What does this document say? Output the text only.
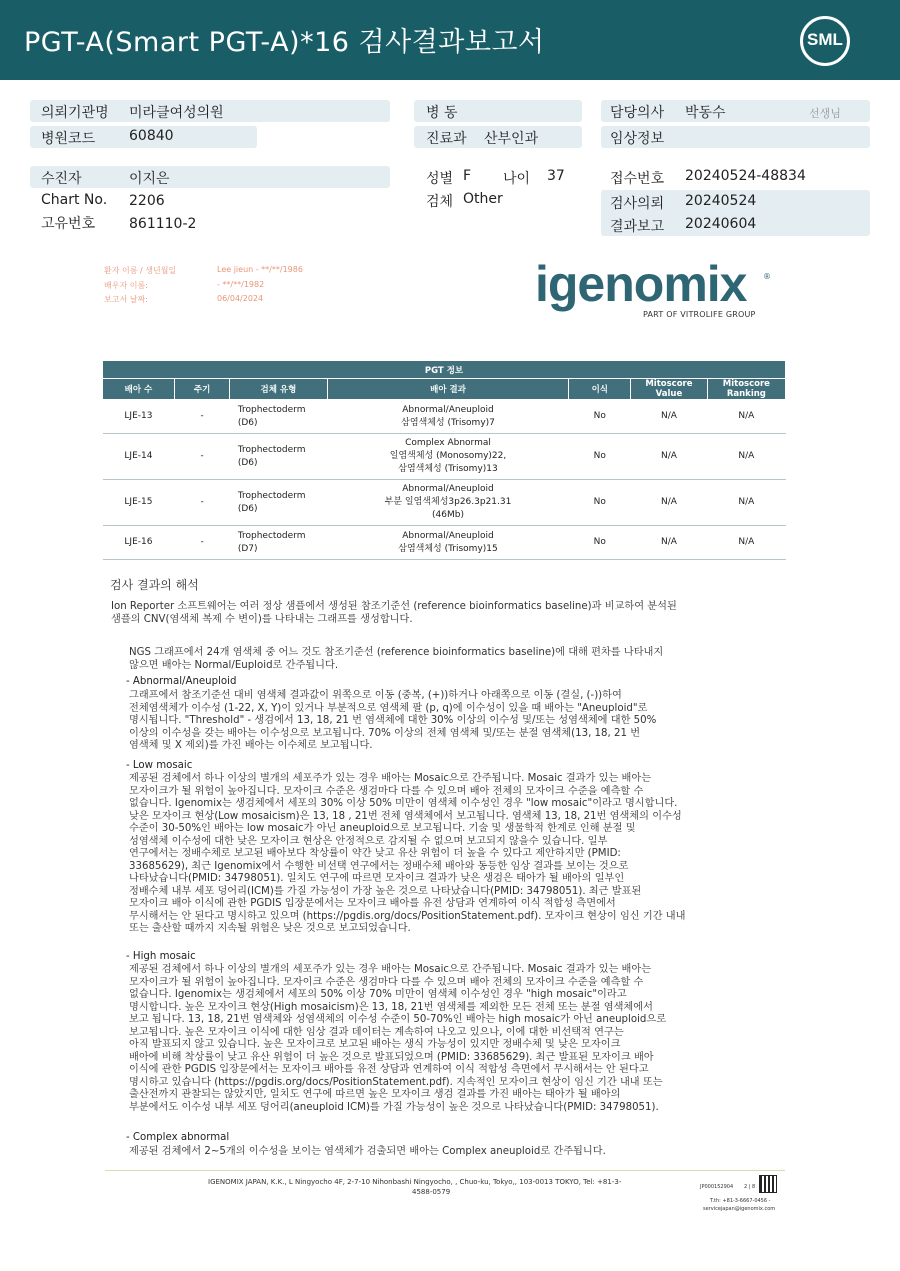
PGT-A(Smart PGT-A)*16 검사결과보고서	SML
의뢰기관명 미라클여성의원
병원코드 60840
병 동
진료과 산부인과
담당의사 박동수	선생님
임상정보
수진자	이지은
Chart No. 2206
고유번호 861110-2
성별 F 나이 37
검체 Other
접수번호 20240524-48834
검사의뢰 20240524
결과보고 20240604
환자 이름 / 생년월일	Lee jieun - **/**/1986
배우자 이름:	- **/**/1982
보고서 날짜:	06/04/2024	igenomix	®
PART OF VITROLIFE GROUP
PGT 정보						
배아 수	주기	검체 유형	배아 결과	이식	Mitoscore Value	Mitoscore Ranking
LJE-13	-	Trophectoderm (D6)	Abnormal/Aneuploid
삼염색체성 (Trisomy)7	No	N/A	N/A
LJE-14	-	Trophectoderm (D6)	Complex Abnormal
일염색체성 (Monosomy)22,
삼염색체성 (Trisomy)13	No	N/A	N/A
LJE-15	-	Trophectoderm (D6)	Abnormal/Aneuploid
부분 일염색체성3p26.3p21.31
(46Mb)	No	N/A	N/A
LJE-16	-	Trophectoderm (D7)	Abnormal/Aneuploid
삼염색체성 (Trisomy)15	No	N/A	N/A
검사 결과의 해석
Ion Reporter 소프트웨어는 여러 정상 샘플에서 생성된 참조기준선 (reference bioinformatics baseline)과 비교하여 분석된
샘플의 CNV(염색체 복제 수 변이)를 나타내는 그래프를 생성합니다.
NGS 그래프에서 24개 염색체 중 어느 것도 참조기준선 (reference bioinformatics baseline)에 대해 편차를 나타내지
않으면 배아는 Normal/Euploid로 간주됩니다.
- Abnormal/Aneuploid
그래프에서 참조기준선 대비 염색체 결과값이 위쪽으로 이동 (중복, (+))하거나 아래쪽으로 이동 (결실, (-))하여
전체염색체가 이수성 (1-22, X, Y)이 있거나 부분적으로 염색체 팔 (p, q)에 이수성이 있을 때 배아는 "Aneuploid"로
명시됩니다. "Threshold" - 생검에서 13, 18, 21 번 염색체에 대한 30% 이상의 이수성 및/또는 성염색체에 대한 50%
이상의 이수성을 갖는 배아는 이수성으로 보고됩니다. 70% 이상의 전체 염색체 및/또는 분절 염색체(13, 18, 21 번
염색체 및 X 제외)를 가진 배아는 이수체로 보고됩니다.
- Low mosaic
제공된 검체에서 하나 이상의 별개의 세포주가 있는 경우 배아는 Mosaic으로 간주됩니다. Mosaic 결과가 있는 배아는
모자이크가 될 위험이 높아집니다. 모자이크 수준은 생검마다 다를 수 있으며 배아 전체의 모자이크 수준을 예측할 수
없습니다. Igenomix는 생검체에서 세포의 30% 이상 50% 미만이 염색체 이수성인 경우 "low mosaic"이라고 명시합니다.
낮은 모자이크 현상(Low mosaicism)은 13, 18 , 21번 전체 염색체에서 보고됩니다. 염색체 13, 18, 21번 염색체의 이수성
수준이 30-50%인 배아는 low mosaic가 아닌 aneuploid으로 보고됩니다. 기술 및 생물학적 한계로 인해 분절 및
성염색체 이수성에 대한 낮은 모자이크 현상은 안정적으로 감지될 수 없으며 보고되지 않을수 있습니다. 일부
연구에서는 정배수체로 보고된 배아보다 착상률이 약간 낮고 유산 위험이 더 높을 수 있다고 제안하지만 (PMID:
33685629), 최근 Igenomix에서 수행한 비선택 연구에서는 정배수체 배아와 동등한 임상 결과를 보이는 것으로
나타났습니다(PMID: 34798051). 일치도 연구에 따르면 모자이크 결과가 낮은 생검은 태아가 될 배아의 일부인
정배수체 내부 세포 덩어리(ICM)를 가질 가능성이 가장 높은 것으로 나타났습니다(PMID: 34798051). 최근 발표된
모자이크 배아 이식에 관한 PGDIS 입장문에서는 모자이크 배아를 유전 상담과 연계하여 이식 적합성 측면에서
무시해서는 안 된다고 명시하고 있으며 (https://pgdis.org/docs/PositionStatement.pdf). 모자이크 현상이 임신 기간 내내
또는 출산할 때까지 지속될 위험은 낮은 것으로 보고되었습니다.
- High mosaic
제공된 검체에서 하나 이상의 별개의 세포주가 있는 경우 배아는 Mosaic으로 간주됩니다. Mosaic 결과가 있는 배아는
모자이크가 될 위험이 높아집니다. 모자이크 수준은 생검마다 다를 수 있으며 배아 전체의 모자이크 수준을 예측할 수
없습니다. Igenomix는 생검체에서 세포의 50% 이상 70% 미만이 염색체 이수성인 경우 "high mosaic"이라고
명시합니다. 높은 모자이크 현상(High mosaicism)은 13, 18, 21번 염색체를 제외한 모든 전체 또는 분절 염색체에서
보고 됩니다. 13, 18, 21번 염색체와 성염색체의 이수성 수준이 50-70%인 배아는 high mosaic가 아닌 aneuploid으로
보고됩니다. 높은 모자이크 이식에 대한 임상 결과 데이터는 계속하여 나오고 있으나, 이에 대한 비선택적 연구는
아직 발표되지 않고 있습니다. 높은 모자이크로 보고된 배아는 생식 가능성이 있지만 정배수체 및 낮은 모자이크
배아에 비해 착상률이 낮고 유산 위험이 더 높은 것으로 발표되었으며 (PMID: 33685629). 최근 발표된 모자이크 배아
이식에 관한 PGDIS 입장문에서는 모자이크 배아를 유전 상담과 연계하여 이식 적합성 측면에서 무시해서는 안 된다고
명시하고 있습니다 (https://pgdis.org/docs/PositionStatement.pdf). 지속적인 모자이크 현상이 임신 기간 내내 또는
출산전까지 관찰되는 않았지만, 일치도 연구에 따르면 높은 모자이크 생검 결과를 가진 배아는 태아가 될 배아의
부분에서도 이수성 내부 세포 덩어리(aneuploid ICM)를 가질 가능성이 높은 것으로 나타났습니다(PMID: 34798051).
- Complex abnormal
제공된 검체에서 2~5개의 이수성을 보이는 염색체가 검출되면 배아는 Complex aneuploid로 간주됩니다.
IGENOMIX JAPAN, K.K., L Ningyocho 4F, 2-7-10 Nihonbashi Ningyocho, , Chuo-ku, Tokyo,, 103-0013 TOKYO, Tel: +81-3-
4588-0579
JP000152904 2 | 8
T.th: +81-3-6667-0456 -
servicejapan@igenomix.com
